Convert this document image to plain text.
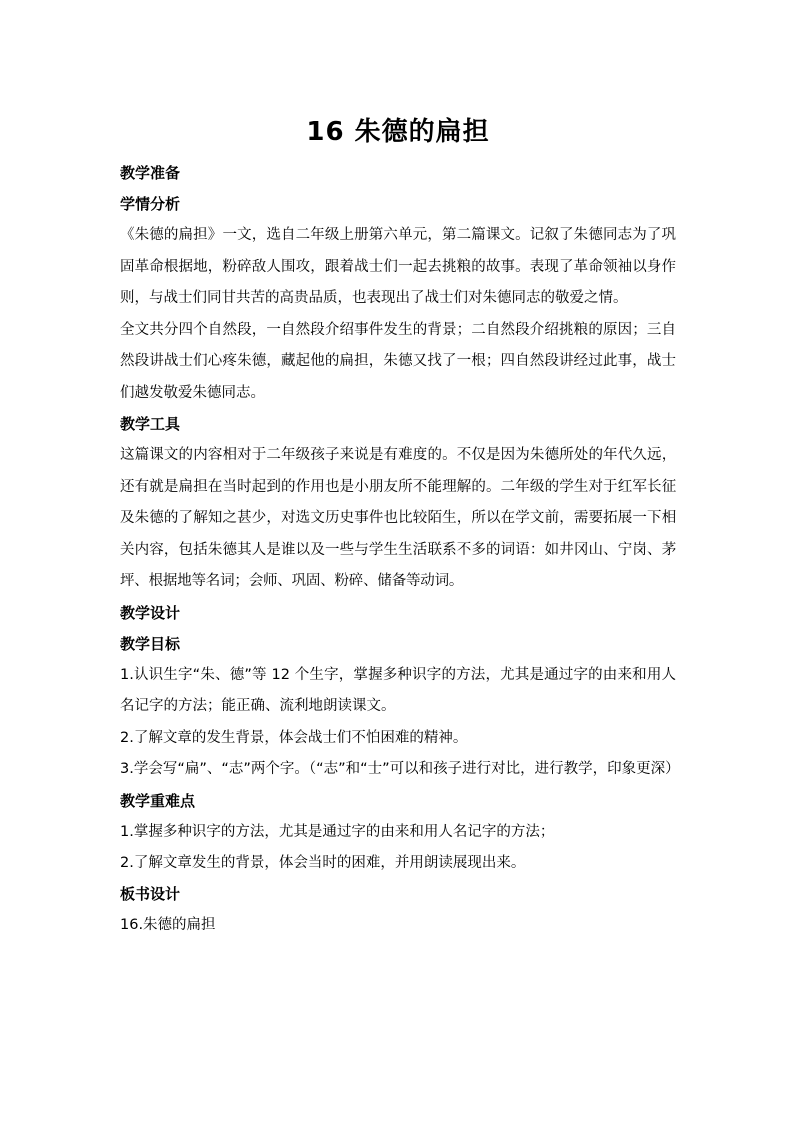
16 朱德的扁担
教学准备
学情分析

《朱德的扁担》一文，选自二年级上册第六单元，第二篇课文。记叙了朱德同志为了巩固革命根据地，粉碎敌人围攻，跟着战士们一起去挑粮的故事。表现了革命领袖以身作则，与战士们同甘共苦的高贵品质，也表现出了战士们对朱德同志的敬爱之情。

全文共分四个自然段，一自然段介绍事件发生的背景；二自然段介绍挑粮的原因；三自然段讲战士们心疼朱德，藏起他的扁担，朱德又找了一根；四自然段讲经过此事，战士们越发敬爱朱德同志。

教学工具

这篇课文的内容相对于二年级孩子来说是有难度的。不仅是因为朱德所处的年代久远，还有就是扁担在当时起到的作用也是小朋友所不能理解的。二年级的学生对于红军长征及朱德的了解知之甚少，对选文历史事件也比较陌生，所以在学文前，需要拓展一下相关内容，包括朱德其人是谁以及一些与学生生活联系不多的词语：如井冈山、宁岗、茅坪、根据地等名词；会师、巩固、粉碎、储备等动词。

教学设计
教学目标

1.认识生字“朱、德”等 12 个生字，掌握多种识字的方法，尤其是通过字的由来和用人名记字的方法；能正确、流利地朗读课文。

2.了解文章的发生背景，体会战士们不怕困难的精神。

3.学会写“扁”、“志”两个字。（“志”和“士”可以和孩子进行对比，进行教学，印象更深）

教学重难点
1.掌握多种识字的方法，尤其是通过字的由来和用人名记字的方法；
2.了解文章发生的背景，体会当时的困难，并用朗读展现出来。
板书设计
16.朱德的扁担
